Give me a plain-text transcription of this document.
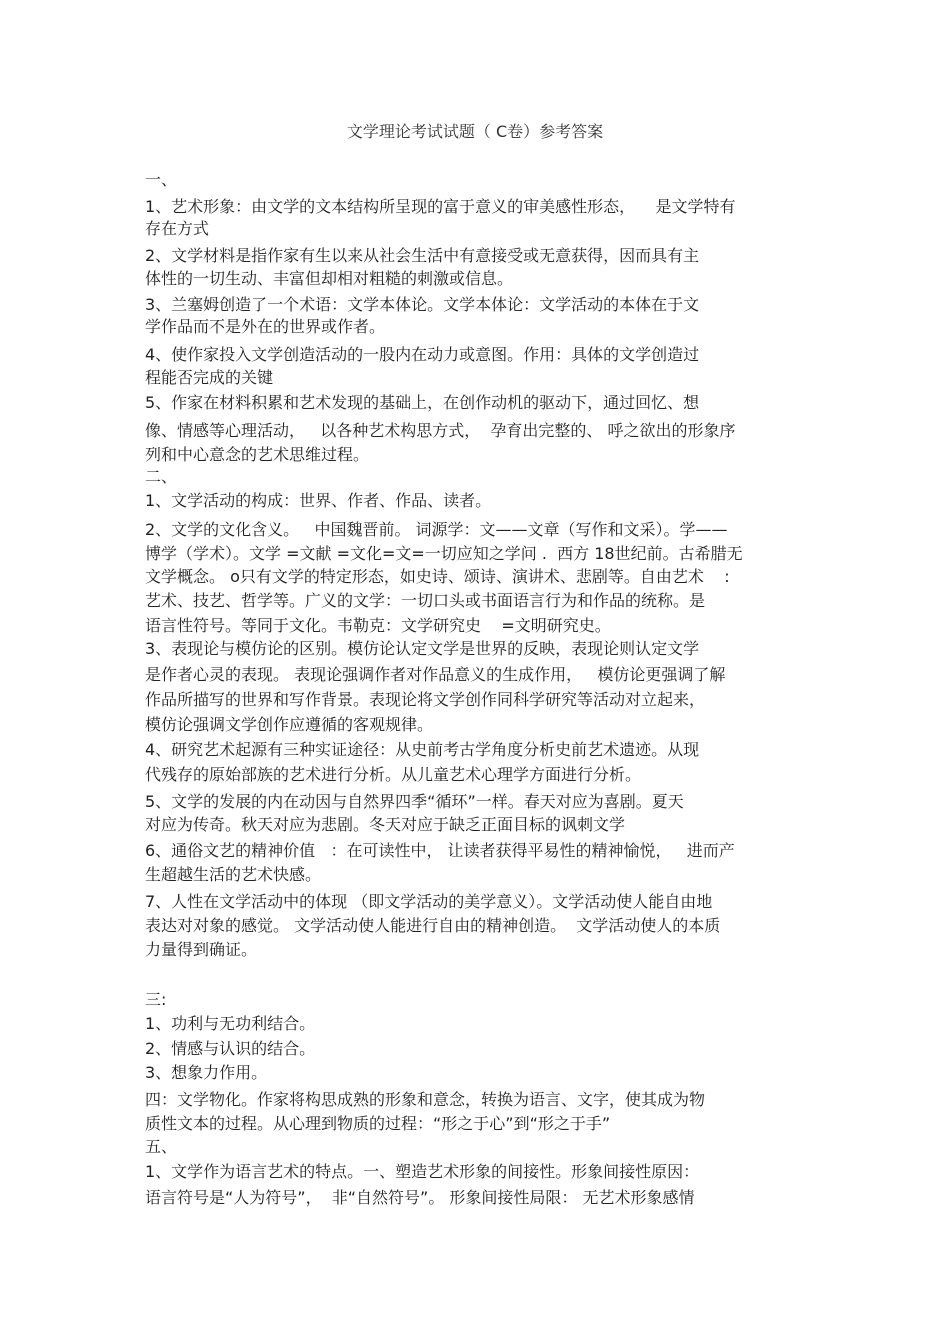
文学理论考试试题（ C卷）参考答案
一、
1、艺术形象：由文学的文本结构所呈现的富于意义的审美感性形态，    是文学特有
存在方式
2、文学材料是指作家有生以来从社会生活中有意接受或无意获得，因而具有主
体性的一切生动、丰富但却相对粗糙的刺激或信息。
3、兰塞姆创造了一个术语：文学本体论。文学本体论：文学活动的本体在于文
学作品而不是外在的世界或作者。
4、使作家投入文学创造活动的一股内在动力或意图。作用：具体的文学创造过
程能否完成的关键
5、作家在材料积累和艺术发现的基础上，在创作动机的驱动下，通过回忆、想
像、情感等心理活动，   以各种艺术构思方式，  孕育出完整的、 呼之欲出的形象序
列和中心意念的艺术思维过程。
二、
1、文学活动的构成：世界、作者、作品、读者。
2、文学的文化含义。   中国魏晋前。 词源学：文——文章（写作和文采）。学——
博学（学术）。文学 =文献 =文化=文=一切应知之学问 .  西方 18世纪前。古希腊无
文学概念。 o只有文学的特定形态，如史诗、颂诗、演讲术、悲剧等。自由艺术    :
艺术、技艺、哲学等。广义的文学：一切口头或书面语言行为和作品的统称。是
语言性符号。等同于文化。韦勒克：文学研究史    =文明研究史。
3、表现论与模仿论的区别。模仿论认定文学是世界的反映，表现论则认定文学
是作者心灵的表现。 表现论强调作者对作品意义的生成作用，   模仿论更强调了解
作品所描写的世界和写作背景。表现论将文学创作同科学研究等活动对立起来，
模仿论强调文学创作应遵循的客观规律。
4、研究艺术起源有三种实证途径：从史前考古学角度分析史前艺术遗迹。从现
代残存的原始部族的艺术进行分析。从儿童艺术心理学方面进行分析。
5、文学的发展的内在动因与自然界四季“循环”一样。春天对应为喜剧。夏天
对应为传奇。秋天对应为悲剧。冬天对应于缺乏正面目标的讽刺文学
6、通俗文艺的精神价值   ：在可读性中， 让读者获得平易性的精神愉悦，   进而产
生超越生活的艺术快感。
7、人性在文学活动中的体现 （即文学活动的美学意义）。文学活动使人能自由地
表达对对象的感觉。 文学活动使人能进行自由的精神创造。  文学活动使人的本质
力量得到确证。
三:
1、功利与无功利结合。
2、情感与认识的结合。
3、想象力作用。
四：文学物化。作家将构思成熟的形象和意念，转换为语言、文字，使其成为物
质性文本的过程。从心理到物质的过程：“形之于心”到“形之于手”
五、
1、文学作为语言艺术的特点。一、塑造艺术形象的间接性。形象间接性原因：
语言符号是“人为符号”，  非“自然符号”。 形象间接性局限： 无艺术形象感情
